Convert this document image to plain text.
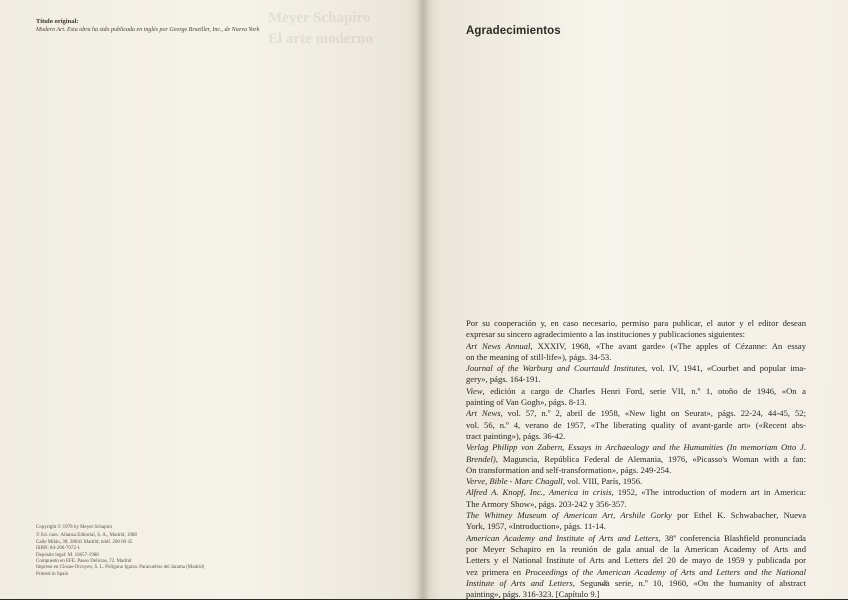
Meyer Schapiro
El arte moderno
Título original:
Modern Art. Esta obra ha sido publicada en inglés por George Braziller, Inc., de Nueva York
Copyright © 1978 by Meyer Schapiro
© Ed. cast.: Alianza Editorial, S. A., Madrid, 1988
Calle Milán, 38; 28043 Madrid; teléf. 200 00 45
ISBN: 84-206-7072-1
Depósito legal: M. 16657-1988
Compuesto en EFE. Paseo Delicias, 72. Madrid
Impreso en Closas-Orcoyen, S. L. Polígono Igarsa. Paracuellos del Jarama (Madrid)
Printed in Spain
Agradecimientos
Por su cooperación y, en caso necesario, permiso para publicar, el autor y el editor desean
expresar su sincero agradecimiento a las instituciones y publicaciones siguientes:
Art News Annual, XXXIV, 1968, «The avant garde» («The apples of Cézanne: An essay
on the meaning of still-life»), págs. 34-53.
Journal of the Warburg and Courtauld Institutes, vol. IV, 1941, «Courbet and popular ima-
gery», págs. 164-191.
View, edición a cargo de Charles Henri Ford, serie VII, n.º 1, otoño de 1946, «On a
painting of Van Gogh», págs. 8-13.
Art News, vol. 57, n.º 2, abril de 1958, «New light on Seurat», págs. 22-24, 44-45, 52;
vol. 56, n.º 4, verano de 1957, «The liberating quality of avant-garde art» («Recent abs-
tract painting»), págs. 36-42.
Verlag Philipp von Zabern, Essays in Archaeology and the Humanities (In memoriam Otto J.
Brendel), Maguncia, República Federal de Alemania, 1976, «Picasso's Woman with a fan:
On transformation and self-transformation», págs. 249-254.
Verve, Bible - Marc Chagall, vol. VIII, París, 1956.
Alfred A. Knopf, Inc., America in crisis, 1952, «The introduction of modern art in America:
The Armory Show», págs. 203-242 y 356-357.
The Whitney Museum of American Art, Arshile Gorky por Ethel K. Schwabacher, Nueva
York, 1957, «Introduction», págs. 11-14.
American Academy and Institute of Arts and Letters, 38ª conferencia Blashfield pronunciada
por Meyer Schapiro en la reunión de gala anual de la American Academy of Arts and
Letters y el National Institute of Arts and Letters del 20 de mayo de 1959 y publicada por
vez primera en Proceedings of the American Academy of Arts and Letters and the National
Institute of Arts and Letters, Segunda serie, n.º 10, 1960, «On the humanity of abstract
painting», págs. 316-323. [Capítulo 9.]
